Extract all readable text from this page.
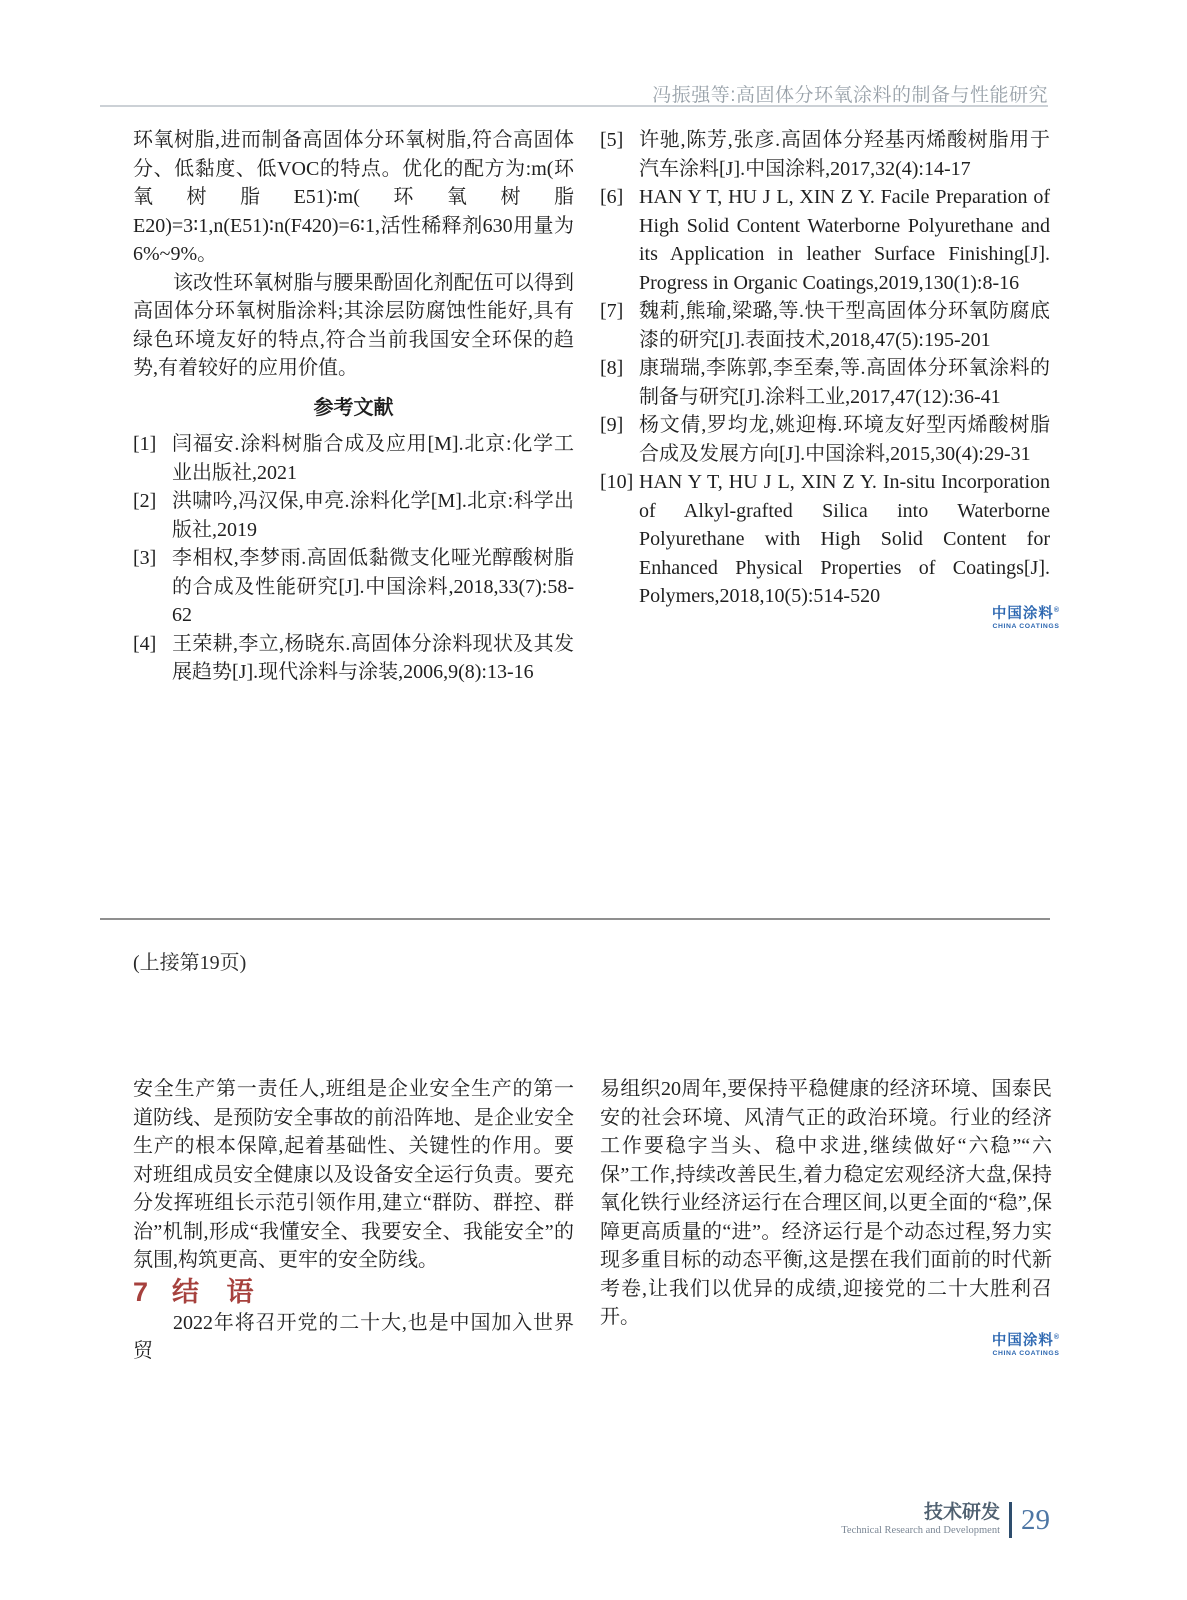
冯振强等:高固体分环氧涂料的制备与性能研究

环氧树脂,进而制备高固体分环氧树脂,符合高固体分、低黏度、低VOC的特点。优化的配方为:m(环氧树脂E51)∶m(环氧树脂E20)=3∶1,n(E51)∶n(F420)=6∶1,活性稀释剂630用量为6%~9%。

该改性环氧树脂与腰果酚固化剂配伍可以得到高固体分环氧树脂涂料;其涂层防腐蚀性能好,具有绿色环境友好的特点,符合当前我国安全环保的趋势,有着较好的应用价值。

参考文献
[1] 闫福安.涂料树脂合成及应用[M].北京:化学工业出版社,2021
[2] 洪啸吟,冯汉保,申亮.涂料化学[M].北京:科学出版社,2019
[3] 李相权,李梦雨.高固低黏微支化哑光醇酸树脂的合成及性能研究[J].中国涂料,2018,33(7):58-62
[4] 王荣耕,李立,杨晓东.高固体分涂料现状及其发展趋势[J].现代涂料与涂装,2006,9(8):13-16
[5] 许驰,陈芳,张彦.高固体分羟基丙烯酸树脂用于汽车涂料[J].中国涂料,2017,32(4):14-17
[6] HAN Y T, HU J L, XIN Z Y. Facile Preparation of High Solid Content Waterborne Polyurethane and its Application in leather Surface Finishing[J]. Progress in Organic Coatings,2019,130(1):8-16
[7] 魏莉,熊瑜,梁璐,等.快干型高固体分环氧防腐底漆的研究[J].表面技术,2018,47(5):195-201
[8] 康瑞瑞,李陈郭,李至秦,等.高固体分环氧涂料的制备与研究[J].涂料工业,2017,47(12):36-41
[9] 杨文倩,罗均龙,姚迎梅.环境友好型丙烯酸树脂合成及发展方向[J].中国涂料,2015,30(4):29-31
[10] HAN Y T, HU J L, XIN Z Y. In-situ Incorporation of Alkyl-grafted Silica into Waterborne Polyurethane with High Solid Content for Enhanced Physical Properties of Coatings[J]. Polymers,2018,10(5):514-520
中国涂料®
CHINA COATINGS
(上接第19页)

安全生产第一责任人,班组是企业安全生产的第一道防线、是预防安全事故的前沿阵地、是企业安全生产的根本保障,起着基础性、关键性的作用。要对班组成员安全健康以及设备安全运行负责。要充分发挥班组长示范引领作用,建立“群防、群控、群治”机制,形成“我懂安全、我要安全、我能安全”的氛围,构筑更高、更牢的安全防线。

7 结 语

2022年将召开党的二十大,也是中国加入世界贸

易组织20周年,要保持平稳健康的经济环境、国泰民安的社会环境、风清气正的政治环境。行业的经济工作要稳字当头、稳中求进,继续做好“六稳”“六保”工作,持续改善民生,着力稳定宏观经济大盘,保持氧化铁行业经济运行在合理区间,以更全面的“稳”,保障更高质量的“进”。经济运行是个动态过程,努力实现多重目标的动态平衡,这是摆在我们面前的时代新考卷,让我们以优异的成绩,迎接党的二十大胜利召开。

中国涂料®
CHINA COATINGS
技术研发
Technical Research and Development 29
